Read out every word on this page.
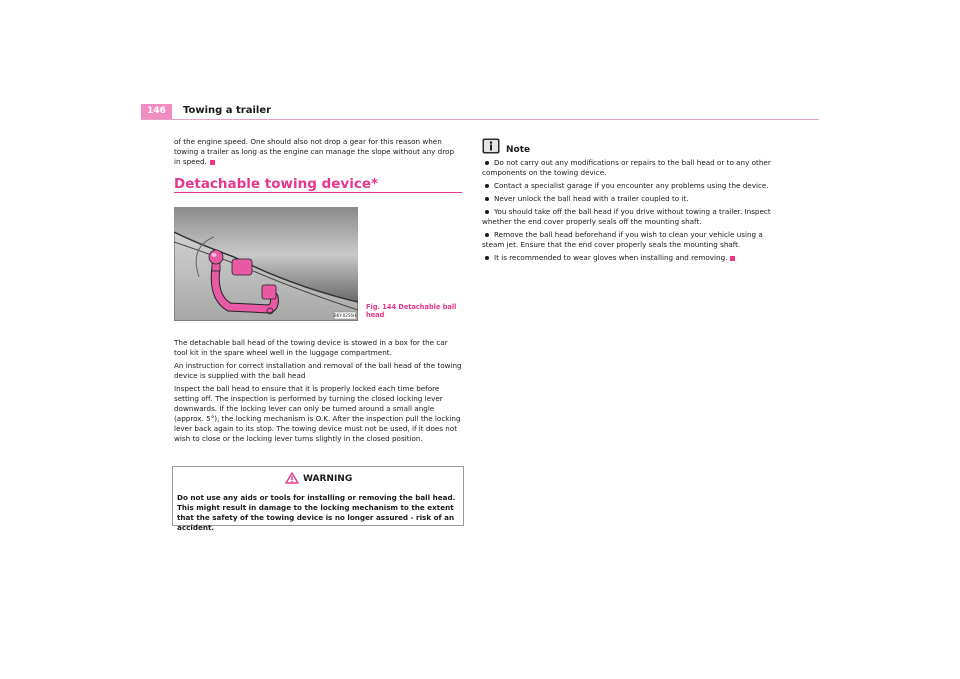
146	Towing a trailer

of the engine speed. One should also not drop a gear for this reason when towing a trailer as long as the engine can manage the slope without any drop in speed.

Detachable towing device*
B6Y-0256H
Fig. 144 Detachable ball
head

The detachable ball head of the towing device is stowed in a box for the car tool kit in the spare wheel well in the luggage compartment.

An instruction for correct installation and removal of the ball head of the towing device is supplied with the ball head

Inspect the ball head to ensure that it is properly locked each time before setting off. The inspection is performed by turning the closed locking lever downwards. If the locking lever can only be turned around a small angle (approx. 5°), the locking mechanism is O.K. After the inspection pull the locking lever back again to its stop. The towing device must not be used, if it does not wish to close or the locking lever turns slightly in the closed position.

WARNING
Do not use any aids or tools for installing or removing the ball head. This might result in damage to the locking mechanism to the extent that the safety of the towing device is no longer assured - risk of an accident.
Note
Do not carry out any modifications or repairs to the ball head or to any other components on the towing device.
Contact a specialist garage if you encounter any problems using the device.
Never unlock the ball head with a trailer coupled to it.
You should take off the ball head if you drive without towing a trailer. Inspect whether the end cover properly seals off the mounting shaft.
Remove the ball head beforehand if you wish to clean your vehicle using a steam jet. Ensure that the end cover properly seals the mounting shaft.
It is recommended to wear gloves when installing and removing.
